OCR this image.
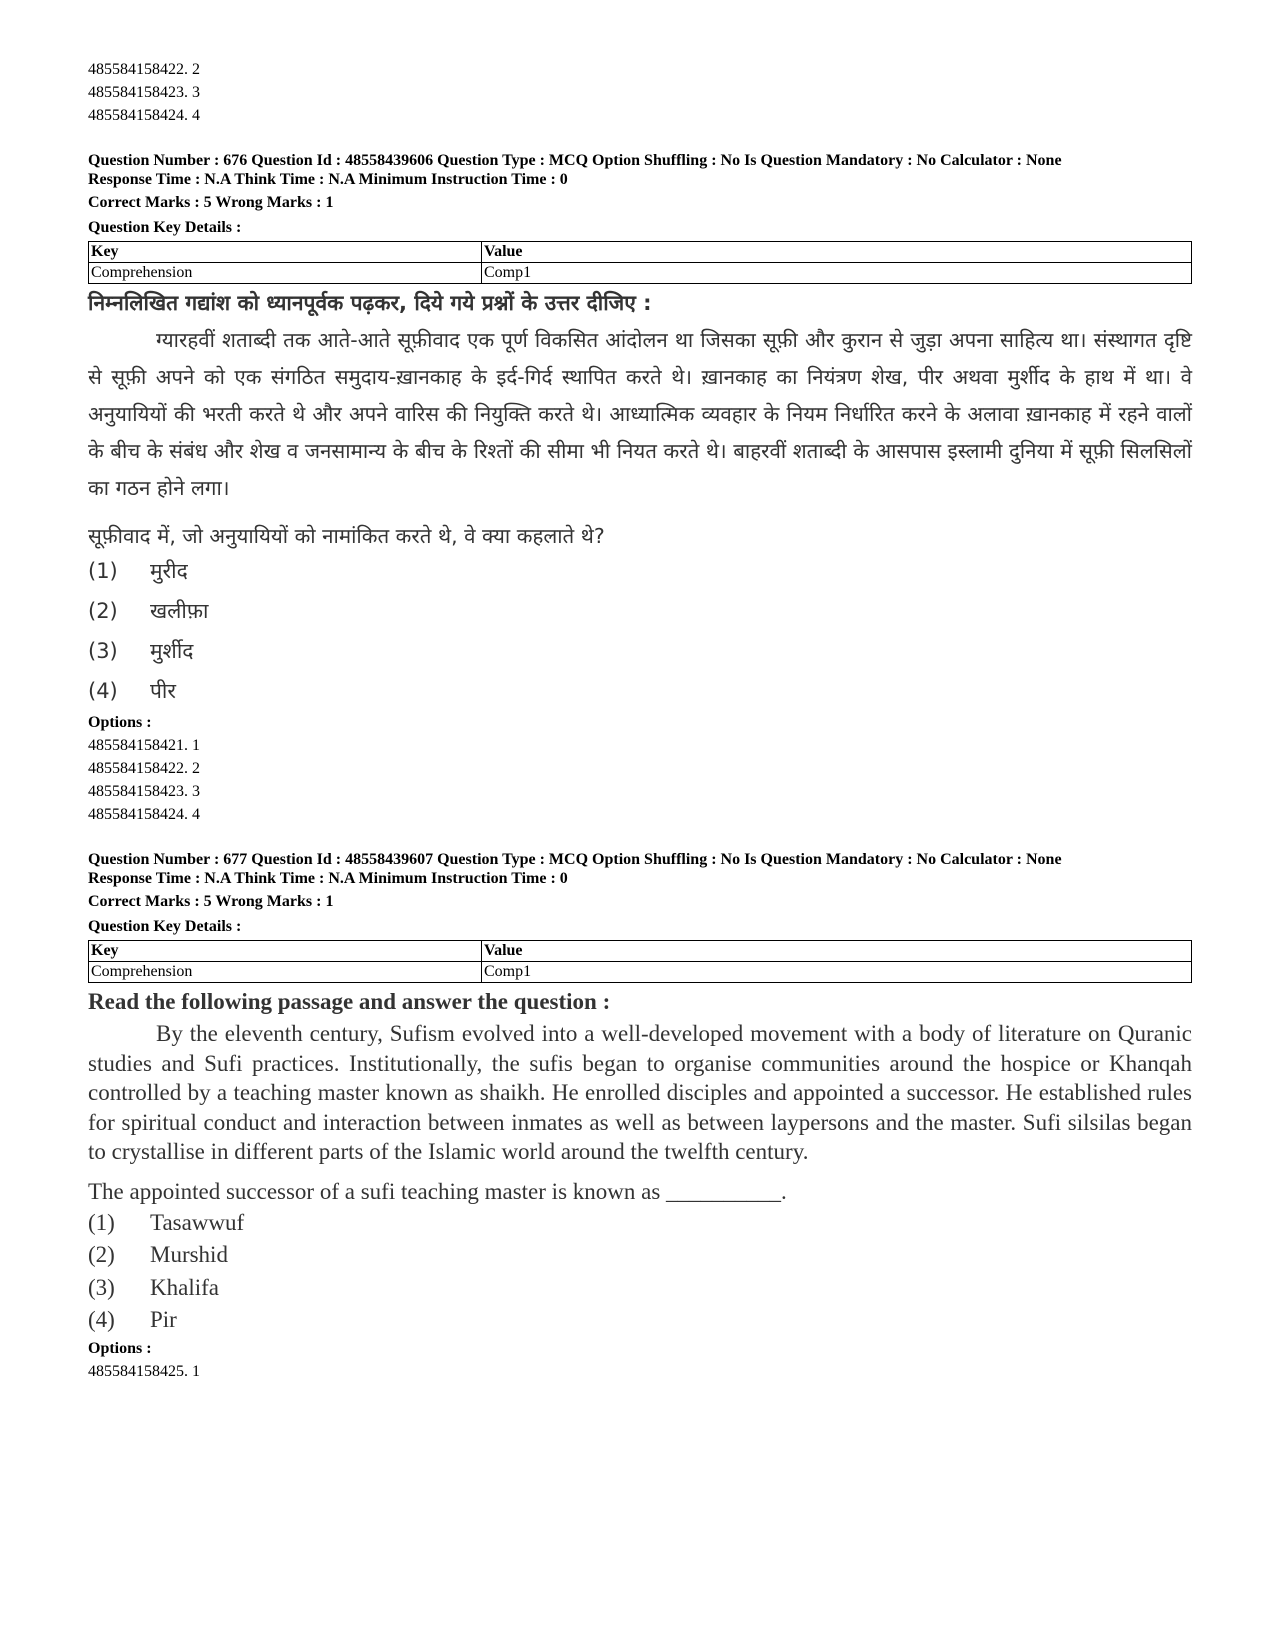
485584158422. 2
485584158423. 3
485584158424. 4
Question Number : 676 Question Id : 48558439606 Question Type : MCQ Option Shuffling : No Is Question Mandatory : No Calculator : None
Response Time : N.A Think Time : N.A Minimum Instruction Time : 0
Correct Marks : 5 Wrong Marks : 1
Question Key Details :
Key	Value
Comprehension	Comp1
निम्नलिखित गद्यांश को ध्यानपूर्वक पढ़कर, दिये गये प्रश्नों के उत्तर दीजिए :
ग्यारहवीं शताब्दी तक आते-आते सूफ़ीवाद एक पूर्ण विकसित आंदोलन था जिसका सूफ़ी और कुरान से जुड़ा अपना साहित्य था। संस्थागत दृष्टि से सूफ़ी अपने को एक संगठित समुदाय-ख़ानकाह के इर्द-गिर्द स्थापित करते थे। ख़ानकाह का नियंत्रण शेख, पीर अथवा मुर्शीद के हाथ में था। वे अनुयायियों की भरती करते थे और अपने वारिस की नियुक्ति करते थे। आध्यात्मिक व्यवहार के नियम निर्धारित करने के अलावा ख़ानकाह में रहने वालों के बीच के संबंध और शेख व जनसामान्य के बीच के रिश्तों की सीमा भी नियत करते थे। बाहरवीं शताब्दी के आसपास इस्लामी दुनिया में सूफ़ी सिलसिलों का गठन होने लगा।
सूफ़ीवाद में, जो अनुयायियों को नामांकित करते थे, वे क्या कहलाते थे?
(1) मुरीद
(2) खलीफ़ा
(3) मुर्शीद
(4) पीर
Options :
485584158421. 1
485584158422. 2
485584158423. 3
485584158424. 4
Question Number : 677 Question Id : 48558439607 Question Type : MCQ Option Shuffling : No Is Question Mandatory : No Calculator : None
Response Time : N.A Think Time : N.A Minimum Instruction Time : 0
Correct Marks : 5 Wrong Marks : 1
Question Key Details :
Key	Value
Comprehension	Comp1
Read the following passage and answer the question :
By the eleventh century, Sufism evolved into a well-developed movement with a body of literature on Quranic studies and Sufi practices. Institutionally, the sufis began to organise communities around the hospice or Khanqah controlled by a teaching master known as shaikh. He enrolled disciples and appointed a successor. He established rules for spiritual conduct and interaction between inmates as well as between laypersons and the master. Sufi silsilas began to crystallise in different parts of the Islamic world around the twelfth century.
The appointed successor of a sufi teaching master is known as __________.
(1) Tasawwuf
(2) Murshid
(3) Khalifa
(4) Pir
Options :
485584158425. 1
